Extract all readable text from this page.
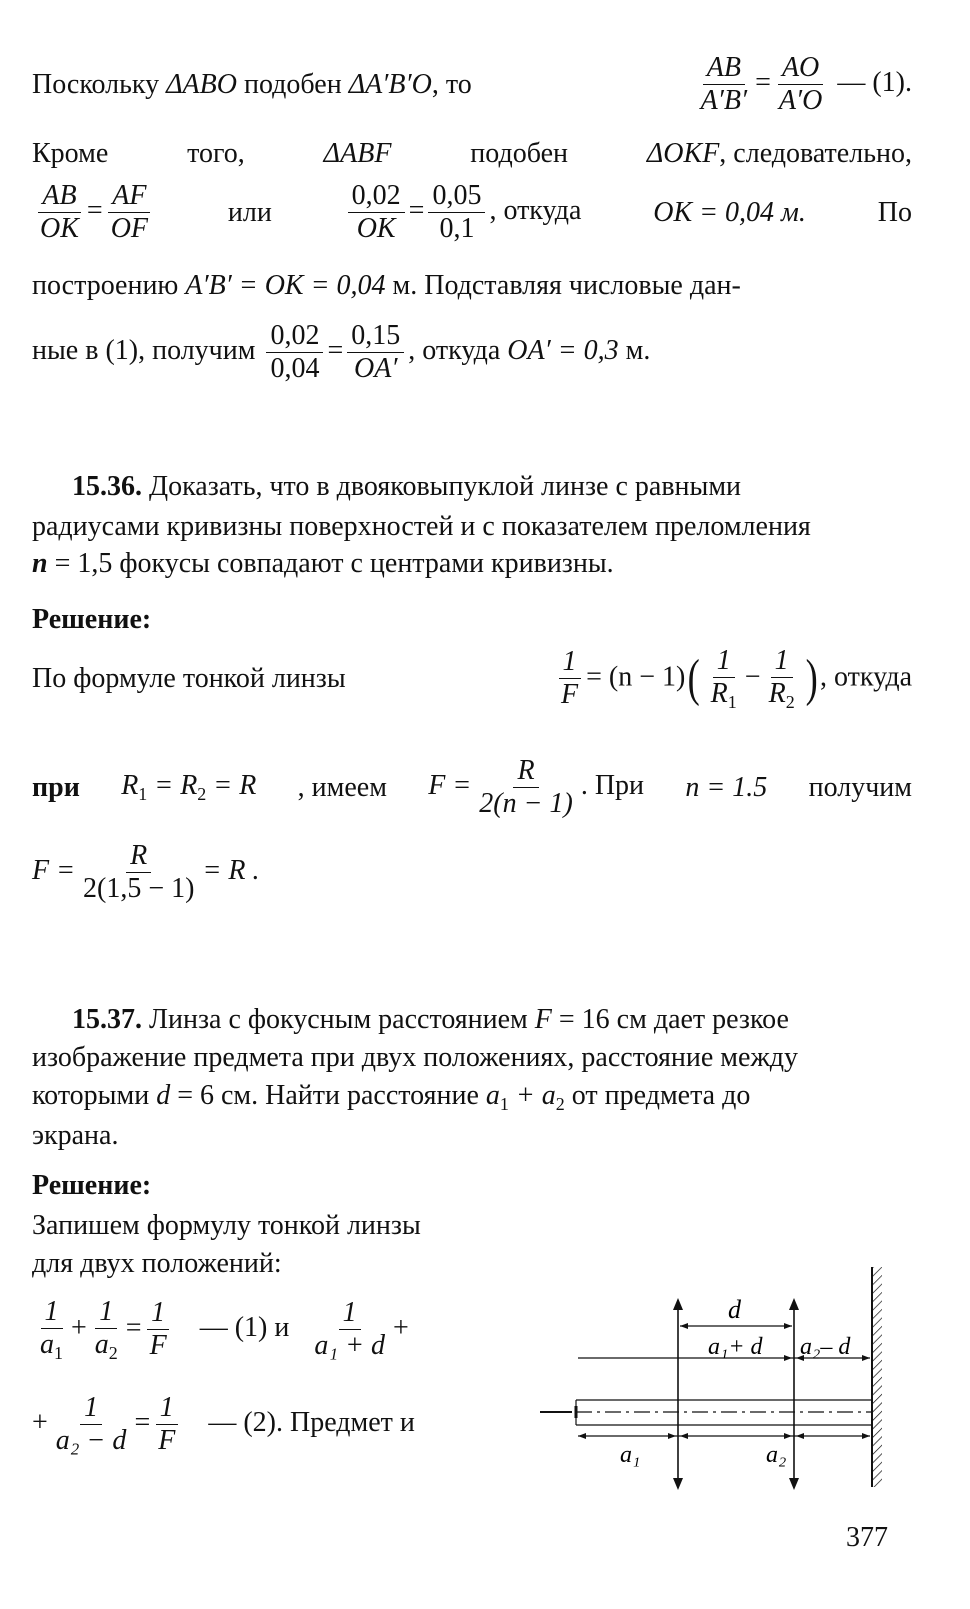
Поскольку ΔABO подобен ΔA′B′O, то	$\frac{AB}{A'B'} = \frac{AO}{A'O}$ — (1).
Кроме	того,	ΔABF	подобен	ΔOKF, следовательно,
$\frac{AB}{OK} = \frac{AF}{OF}$	или	$\frac{0,02}{OK} = \frac{0,05}{0,1}$ , откуда	OK = 0,04 м.	По
построению A′B′ = OK = 0,04 м. Подставляя числовые дан-
ные в (1), получим $\frac{0,02}{0,04} = \frac{0,15}{OA'}$ , откуда OA′ = 0,3 м.
15.36. Доказать, что в двояковыпуклой линзе с равными
радиусами кривизны поверхностей и с показателем преломления
n = 1,5 фокусы совпадают с центрами кривизны.
Решение:
По формуле тонкой линзы	$\frac{1}{F} = (n - 1)( \frac{1}{R_1} - \frac{1}{R_2}$ ), откуда
при $R_1 = R_2 = R$ , имеем $F = \frac{R}{2(n - 1)}$ . При n = 1.5 получим
$F = \frac{R}{2(1,5 - 1)} = R$ .
15.37. Линза с фокусным расстоянием F = 16 см дает резкое
изображение предмета при двух положениях, расстояние между
которыми d = 6 см. Найти расстояние $a_1 + a_2$ от предмета до
экрана.
Решение:
Запишем формулу тонкой линзы
для двух положений:
$\frac{1}{a_1} + \frac{1}{a_2} = \frac{1}{F}$ — (1) и $\frac{1}{\text{a₁ + d}}$ +
+ $\frac{1}{\text{a₂ − d}} = \frac{1}{F}$ — (2). Предмет и
d
a₁+ d a₂– d
a₁	a₂
377
